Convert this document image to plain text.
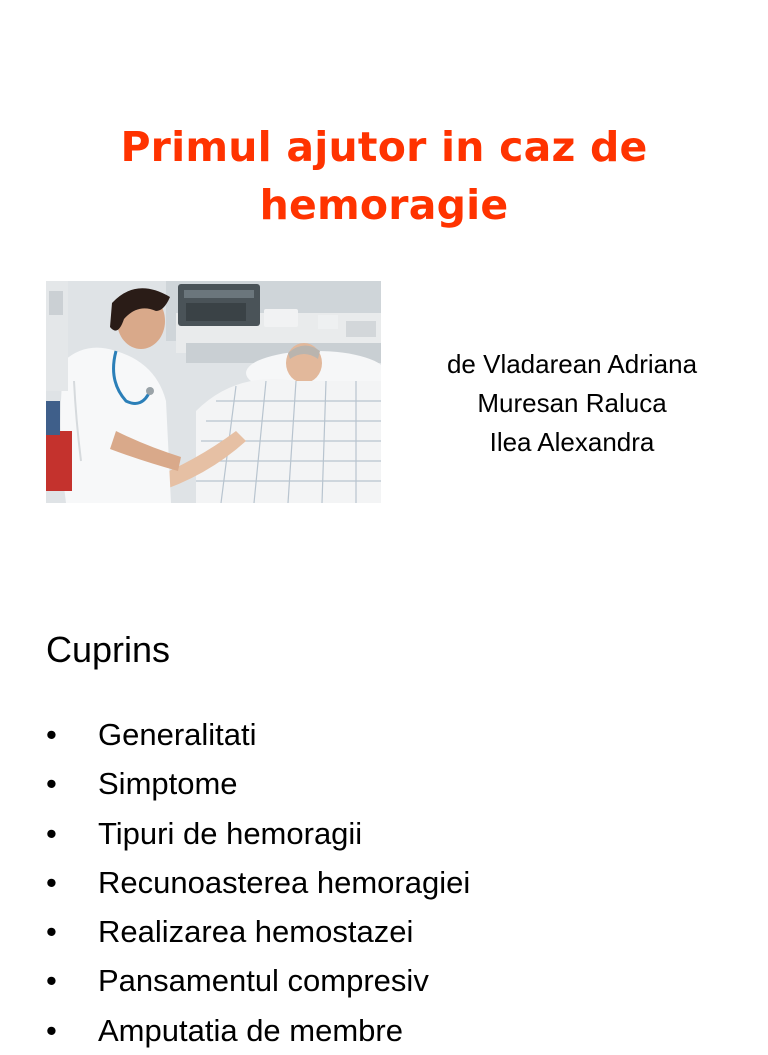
Primul ajutor in caz de
hemoragie
de Vladarean Adriana
Muresan Raluca
Ilea Alexandra
Cuprins
• Generalitati
• Simptome
• Tipuri de hemoragii
• Recunoasterea hemoragiei
• Realizarea hemostazei
• Pansamentul compresiv
• Amputatia de membre
